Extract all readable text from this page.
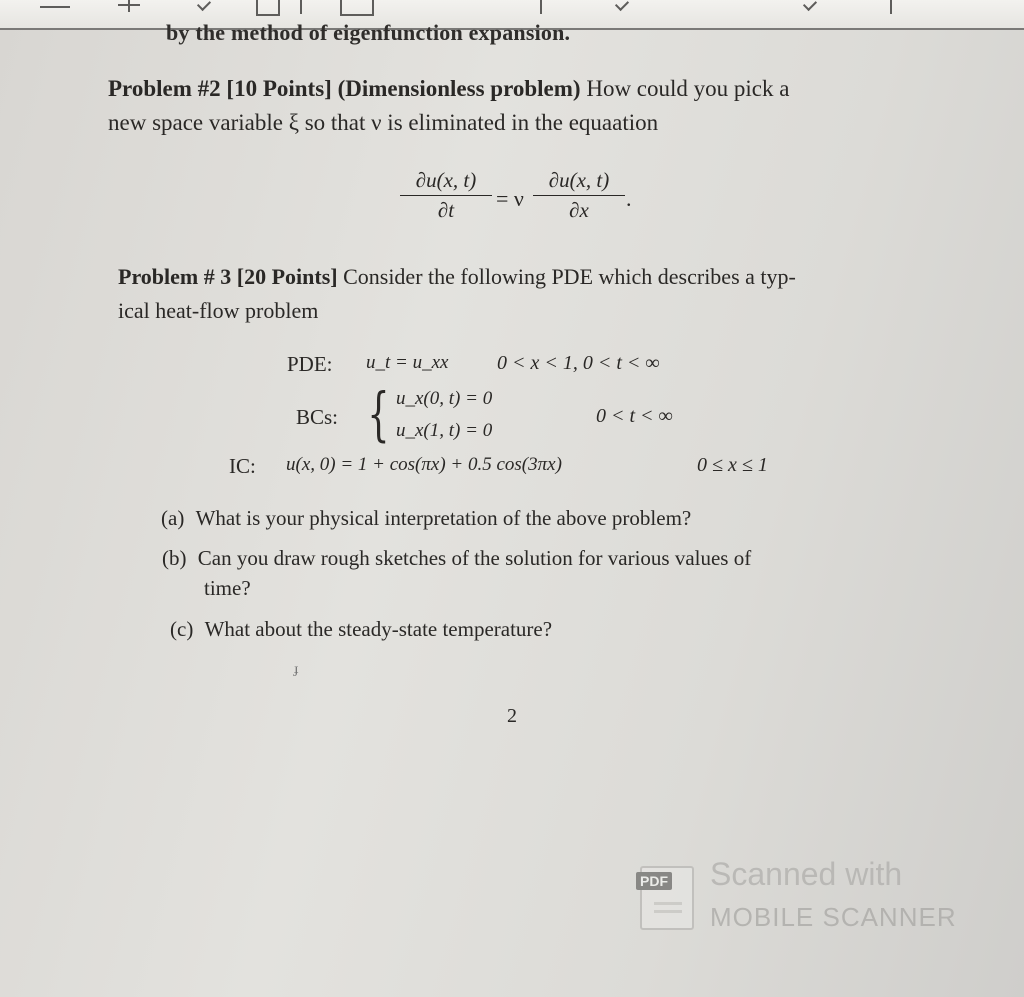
by the method of eigenfunction expansion.
Problem #2 [10 Points] (Dimensionless problem) How could you pick a
new space variable ξ so that ν is eliminated in the equaation
$\frac{\partial u(x, t)}{\partial t} = \nu \frac{\partial u(x, t)}{\partial x}$ .
Problem # 3 [20 Points] Consider the following PDE which describes a typ-
ical heat-flow problem
PDE: u_t = u_xx 0 < x < 1, 0 < t < ∞
BCs: { u_x(0, t) = 0
u_x(1, t) = 0
0 < t < ∞
IC: u(x, 0) = 1 + cos(πx) + 0.5 cos(3πx)	0 ≤ x ≤ 1
(a) What is your physical interpretation of the above problem?
(b) Can you draw rough sketches of the solution for various values of
time?
(c) What about the steady-state temperature?
ɟ
2
PDF Scanned with
MOBILE SCANNER
